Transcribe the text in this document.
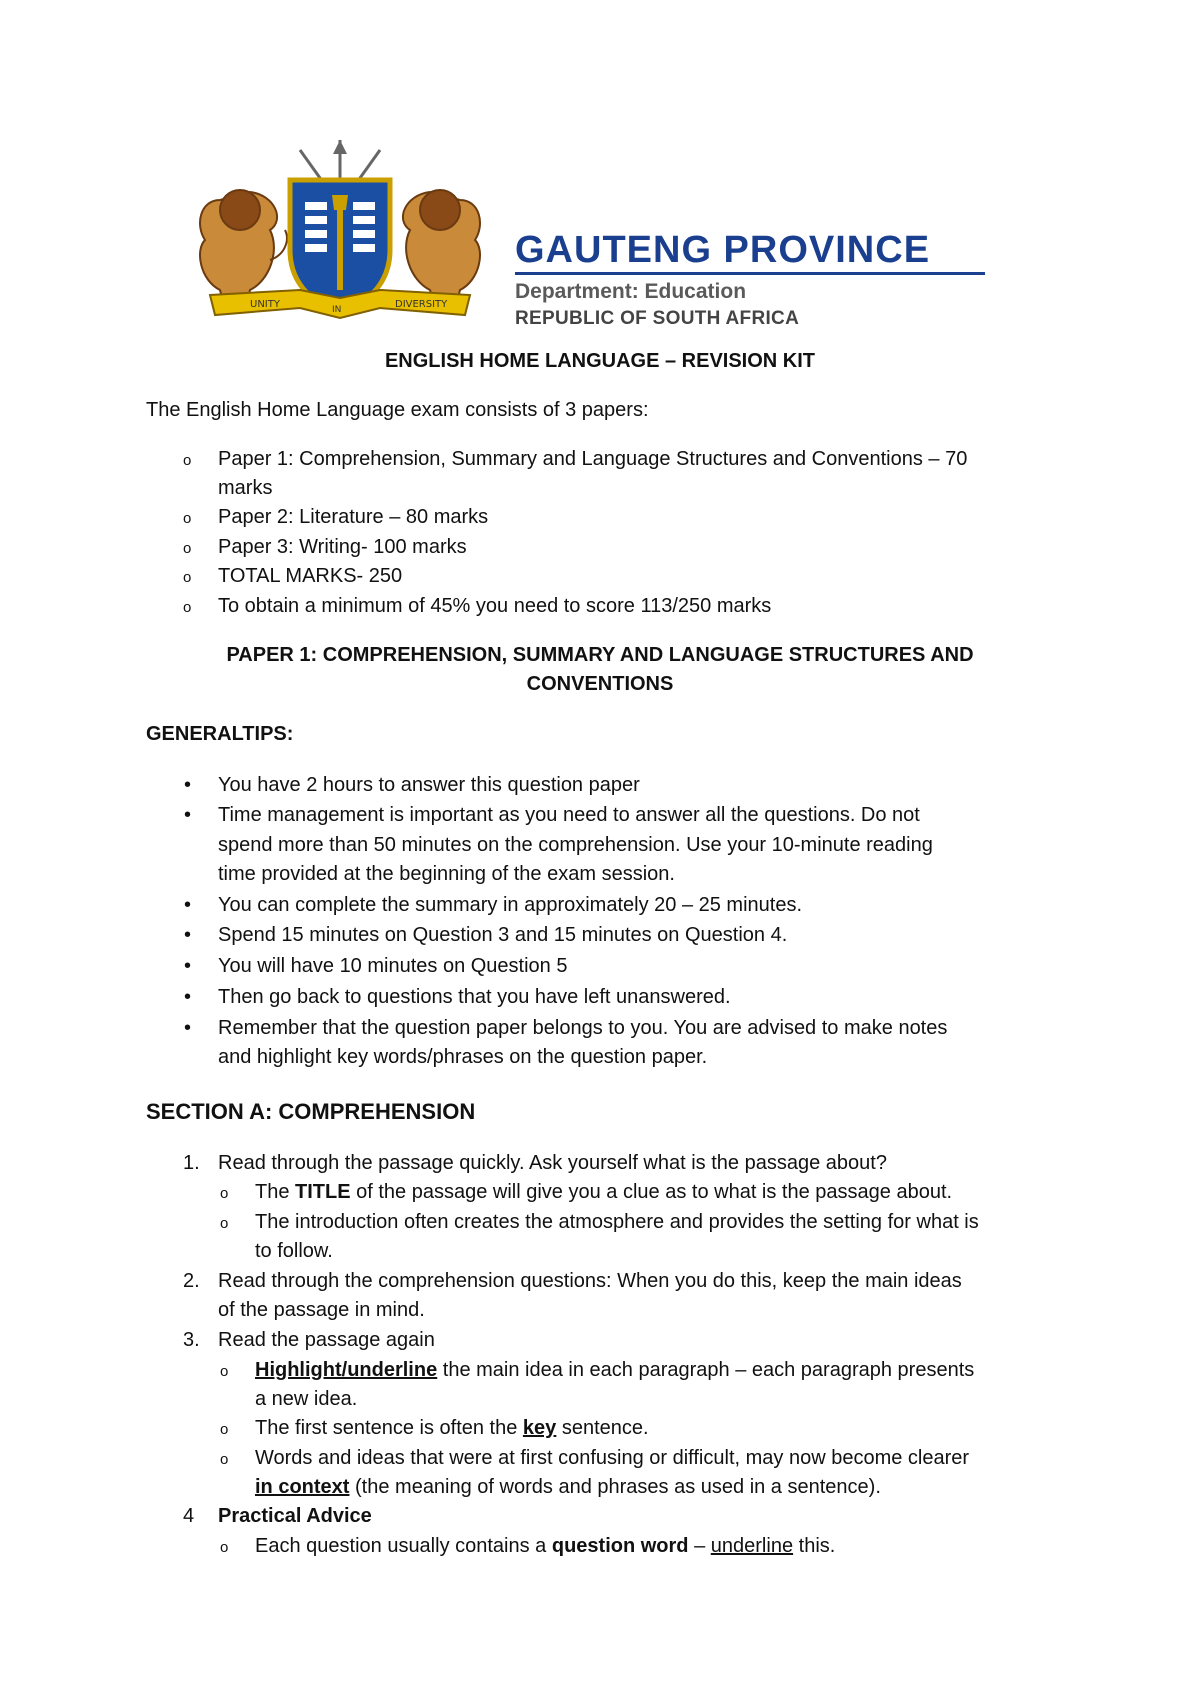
UNITY	IN	DIVERSITY
GAUTENG PROVINCE
Department: Education
REPUBLIC OF SOUTH AFRICA
ENGLISH HOME LANGUAGE – REVISION KIT
The English Home Language exam consists of 3 papers:
o Paper 1: Comprehension, Summary and Language Structures and Conventions – 70
marks
o Paper 2: Literature – 80 marks
o Paper 3: Writing- 100 marks
o TOTAL MARKS- 250
o To obtain a minimum of 45% you need to score 113/250 marks
PAPER 1: COMPREHENSION, SUMMARY AND LANGUAGE STRUCTURES AND
CONVENTIONS
GENERALTIPS:
• You have 2 hours to answer this question paper
• Time management is important as you need to answer all the questions. Do not
spend more than 50 minutes on the comprehension. Use your 10-minute reading
time provided at the beginning of the exam session.
• You can complete the summary in approximately 20 – 25 minutes.
• Spend 15 minutes on Question 3 and 15 minutes on Question 4.
• You will have 10 minutes on Question 5
• Then go back to questions that you have left unanswered.
• Remember that the question paper belongs to you. You are advised to make notes
and highlight key words/phrases on the question paper.
SECTION A: COMPREHENSION
1. Read through the passage quickly. Ask yourself what is the passage about?
o The TITLE of the passage will give you a clue as to what is the passage about.
o The introduction often creates the atmosphere and provides the setting for what is
to follow.
2. Read through the comprehension questions: When you do this, keep the main ideas
of the passage in mind.
3. Read the passage again
o Highlight/underline the main idea in each paragraph – each paragraph presents
a new idea.
o The first sentence is often the key sentence.
o Words and ideas that were at first confusing or difficult, may now become clearer
in context (the meaning of words and phrases as used in a sentence).
4 Practical Advice
o Each question usually contains a question word – underline this.
